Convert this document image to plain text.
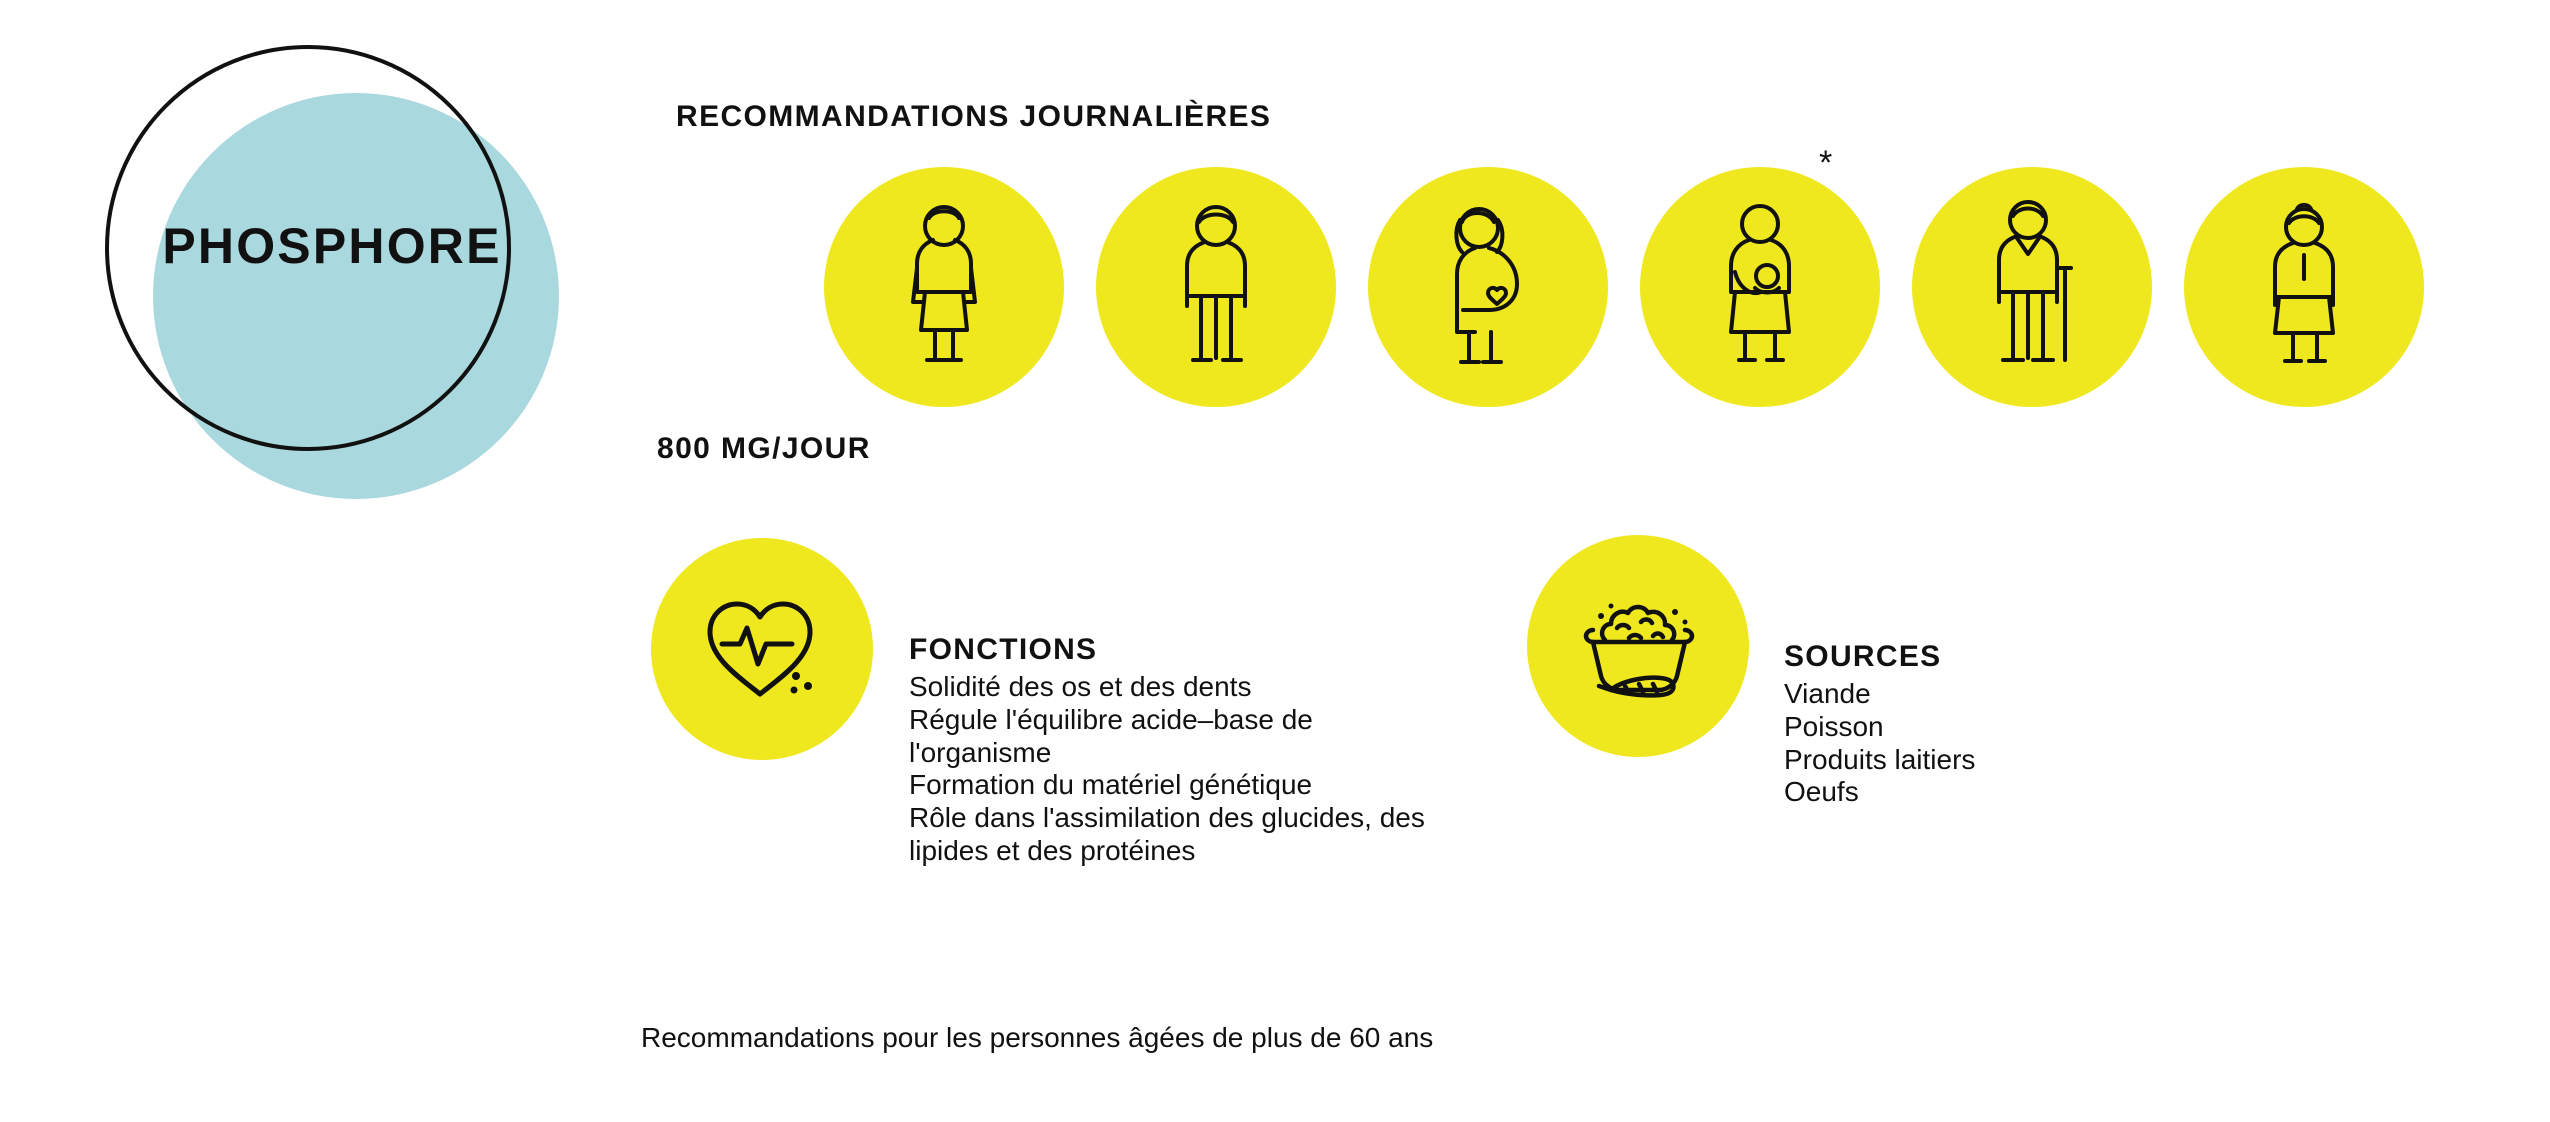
PHOSPHORE
RECOMMANDATIONS JOURNALIÈRES
*
800 MG/JOUR
FONCTIONS
Solidité des os et des dents
Régule l'équilibre acide–base de l'organisme
Formation du matériel génétique
Rôle dans l'assimilation des glucides, des lipides et des protéines
SOURCES
Viande
Poisson
Produits laitiers
Oeufs
Recommandations pour les personnes âgées de plus de 60 ans
